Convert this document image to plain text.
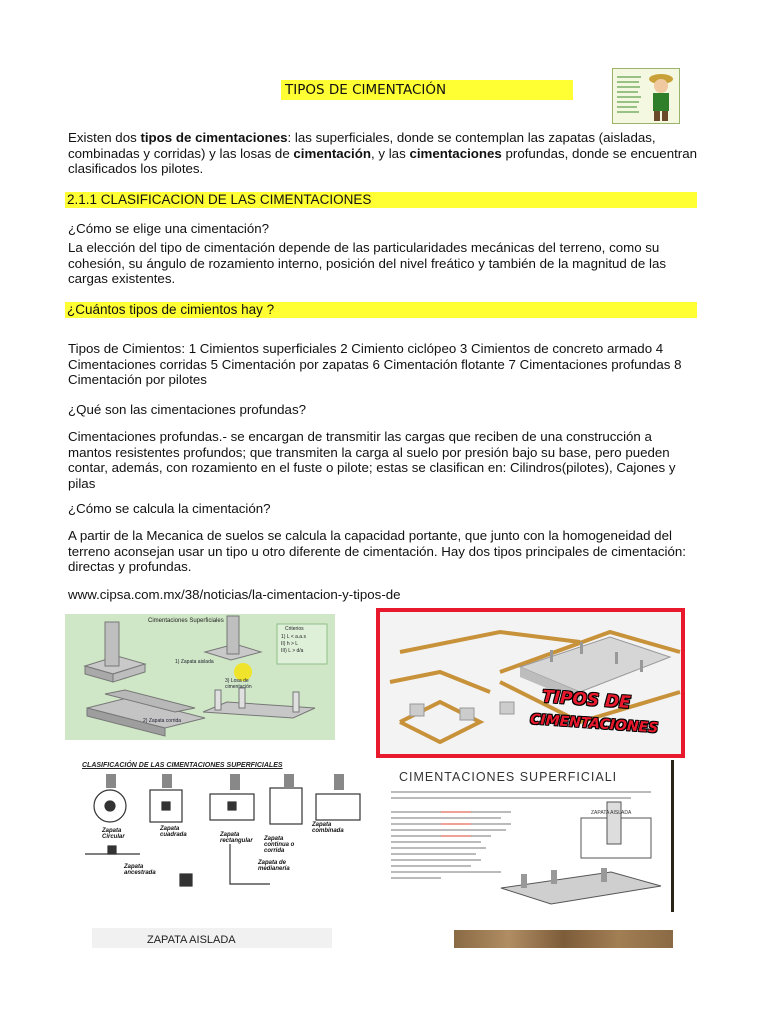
TIPOS DE CIMENTACIÓN
Existen dos tipos de cimentaciones: las superficiales, donde se contemplan las zapatas (aisladas, combinadas y corridas) y las losas de cimentación, y las cimentaciones profundas, donde se encuentran clasificados los pilotes.
2.1.1 CLASIFICACION DE LAS CIMENTACIONES
¿Cómo se elige una cimentación?
La elección del tipo de cimentación depende de las particularidades mecánicas del terreno, como su cohesión, su ángulo de rozamiento interno, posición del nivel freático y también de la magnitud de las cargas existentes.
¿Cuántos tipos de cimientos hay ?
Tipos de Cimientos: 1 Cimientos superficiales 2 Cimiento ciclópeo 3 Cimientos de concreto armado 4 Cimentaciones corridas 5 Cimentación por zapatas 6 Cimentación flotante 7 Cimentaciones profundas 8 Cimentación por pilotes
¿Qué son las cimentaciones profundas?
Cimentaciones profundas.- se encargan de transmitir las cargas que reciben de una construcción a mantos resistentes profundos; que transmiten la carga al suelo por presión bajo su base, pero pueden contar, además, con rozamiento en el fuste o pilote; estas se clasifican en: Cilindros(pilotes), Cajones y pilas
¿Cómo se calcula la cimentación?
A partir de la Mecanica de suelos se calcula la capacidad portante, que junto con la homogeneidad del terreno aconsejan usar un tipo u otro diferente de cimentación. Hay dos tipos principales de cimentación: directas y profundas.
www.cipsa.com.mx/38/noticias/la-cimentacion-y-tipos-de
Cimentaciones Superficiales
Criterios
1) L < a.a.s
II) h > L
III) L > d/a
1) Zapata aislada
3) Losa de cimentación
2) Zapata corrida
TIPOS DE
CIMENTACIONES
CLASIFICACIÓN DE LAS CIMENTACIONES SUPERFICIALES
Zapata Circular
Zapata cuadrada	Zapata rectangular	Zapata continua o corrida
Zapata combinada
Zapata ancestrada
Zapata de medianería
CIMENTACIONES SUPERFICIALI
ZAPATA AISLADA
ZAPATA AISLADA
